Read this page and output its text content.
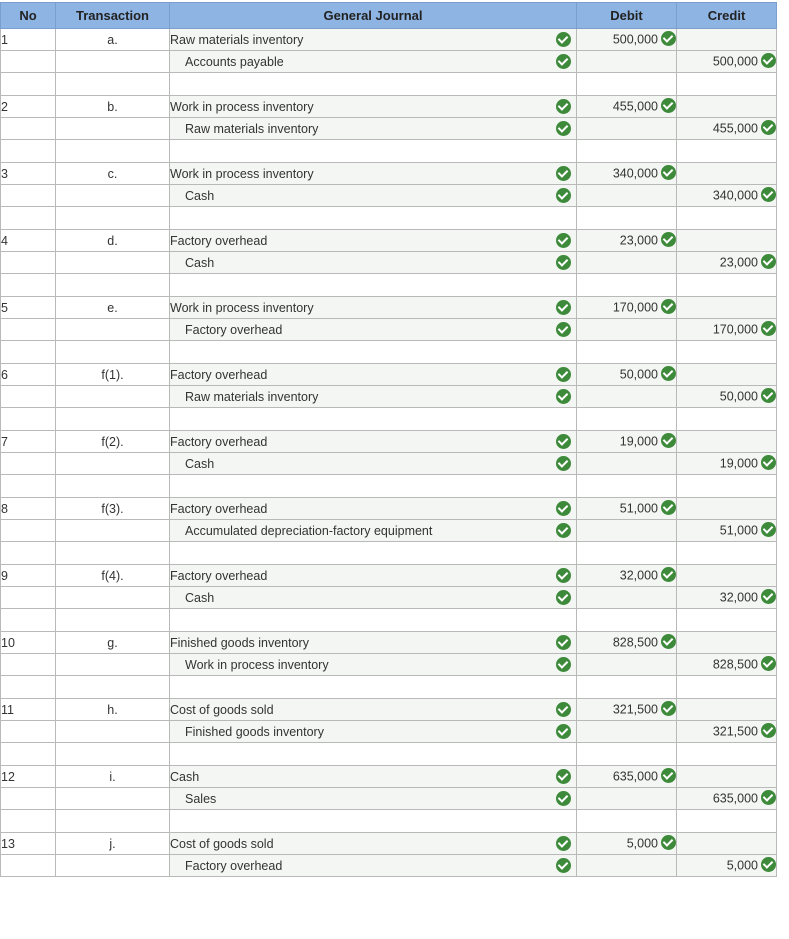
No	Transaction	General Journal	Debit	Credit
1	a.	Raw materials inventory	500,000	
		Accounts payable		500,000

2	b.	Work in process inventory	455,000	
		Raw materials inventory		455,000

3	c.	Work in process inventory	340,000	
		Cash		340,000

4	d.	Factory overhead	23,000	
		Cash		23,000

5	e.	Work in process inventory	170,000	
		Factory overhead		170,000

6	f(1).	Factory overhead	50,000	
		Raw materials inventory		50,000

7	f(2).	Factory overhead	19,000	
		Cash		19,000

8	f(3).	Factory overhead	51,000	
		Accumulated depreciation-factory equipment		51,000

9	f(4).	Factory overhead	32,000	
		Cash		32,000

10	g.	Finished goods inventory	828,500	
		Work in process inventory		828,500

11	h.	Cost of goods sold	321,500	
		Finished goods inventory		321,500

12	i.	Cash	635,000	
		Sales		635,000

13	j.	Cost of goods sold	5,000	
		Factory overhead		5,000
